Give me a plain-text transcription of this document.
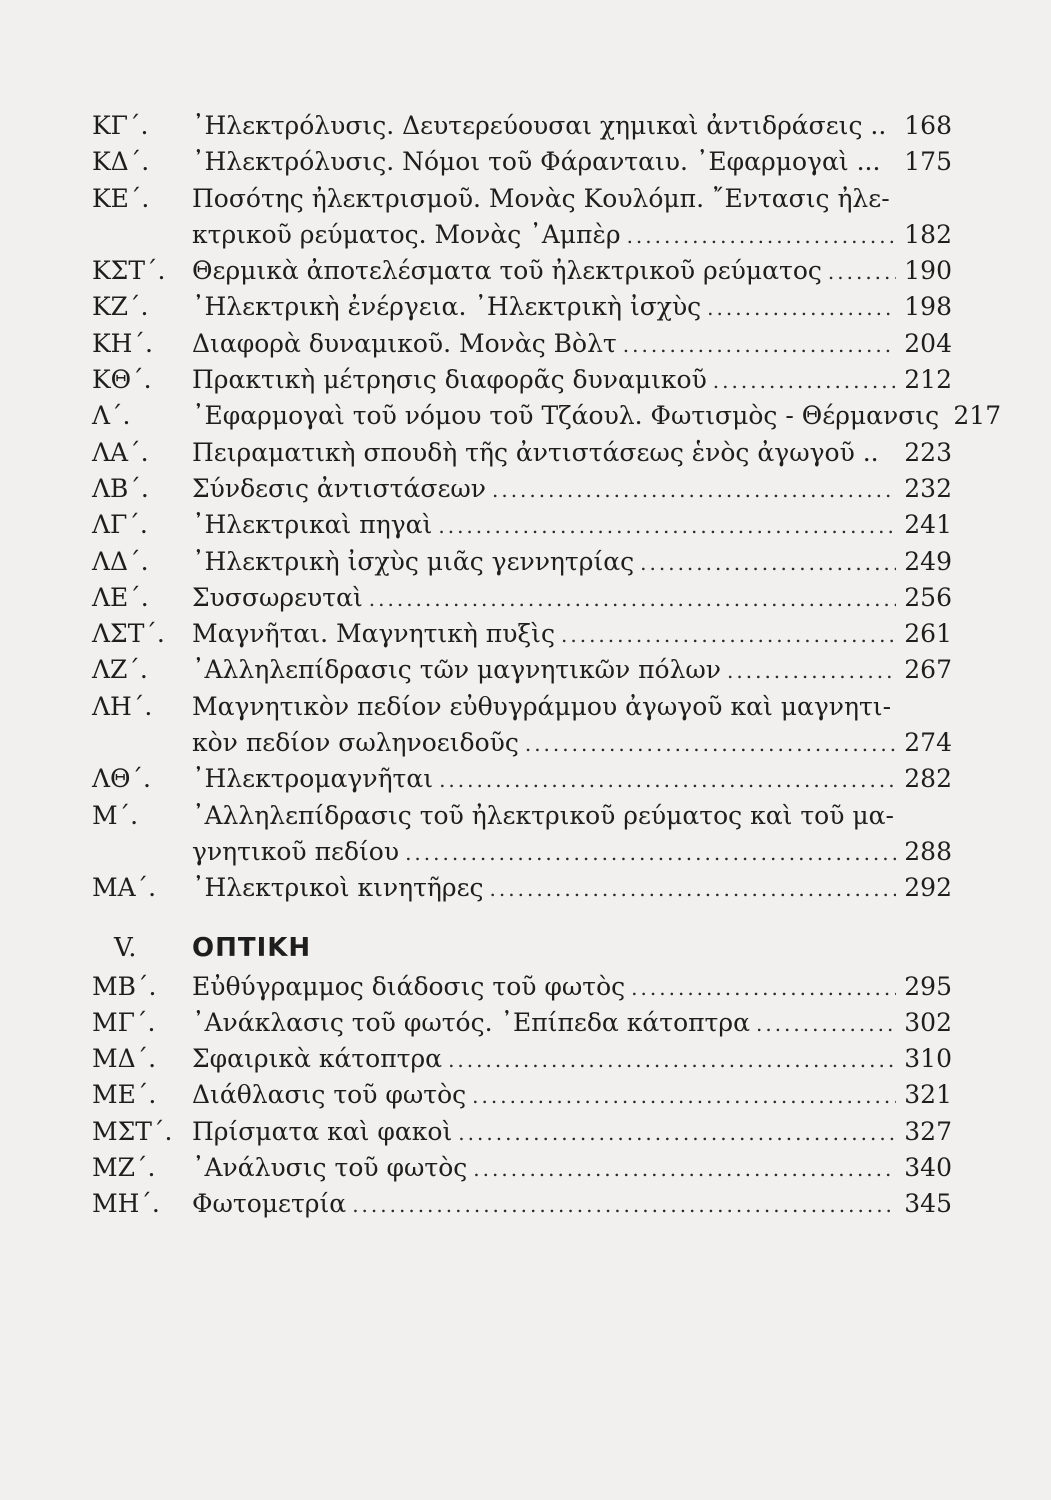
ΚΓ΄.	᾿Ηλεκτρόλυσις. Δευτερεύουσαι χημικαὶ ἀντιδράσεις .. 168
ΚΔ΄.	᾿Ηλεκτρόλυσις. Νόμοι τοῦ Φάρανταιυ. ᾿Εφαρμογαὶ ... 175
ΚΕ΄.	Ποσότης ἠλεκτρισμοῦ. Μονὰς Κουλόμπ. ῎Εντασις ἠλε-
κτρικοῦ ρεύματος. Μονὰς ᾿Αμπὲρ .....	182
ΚΣΤ΄.	Θερμικὰ ἀποτελέσματα τοῦ ἠλεκτρικοῦ ρεύματος .....	190
ΚΖ΄.	᾿Ηλεκτρικὴ ἐνέργεια. ᾿Ηλεκτρικὴ ἰσχὺς .....	198
ΚΗ΄.	Διαφορὰ δυναμικοῦ. Μονὰς Βὸλτ .....	204
ΚΘ΄.	Πρακτικὴ μέτρησις διαφορᾶς δυναμικοῦ .....	212
Λ΄.	᾿Εφαρμογαὶ τοῦ νόμου τοῦ Τζάουλ. Φωτισμὸς - Θέρμανσις 217
ΛΑ΄.	Πειραματικὴ σπουδὴ τῆς ἀντιστάσεως ἑνὸς ἀγωγοῦ ..	223
ΛΒ΄.	Σύνδεσις ἀντιστάσεων .....	232
ΛΓ΄.	᾿Ηλεκτρικαὶ πηγαὶ .....	241
ΛΔ΄.	᾿Ηλεκτρικὴ ἰσχὺς μιᾶς γεννητρίας .....	249
ΛΕ΄.	Συσσωρευταὶ .....	256
ΛΣΤ΄.	Μαγνῆται. Μαγνητικὴ πυξὶς .....	261
ΛΖ΄.	᾿Αλληλεπίδρασις τῶν μαγνητικῶν πόλων .....	267
ΛΗ΄.	Μαγνητικὸν πεδίον εὐθυγράμμου ἀγωγοῦ καὶ μαγνητι-
κὸν πεδίον σωληνοειδοῦς .....	274
ΛΘ΄.	᾿Ηλεκτρομαγνῆται .....	282
Μ΄.	᾿Αλληλεπίδρασις τοῦ ἠλεκτρικοῦ ρεύματος καὶ τοῦ μα-
γνητικοῦ πεδίου .....	288
ΜΑ΄.	᾿Ηλεκτρικοὶ κινητῆρες .....	292
V.	ΟΠΤΙΚΗ
ΜΒ΄.	Εὐθύγραμμος διάδοσις τοῦ φωτὸς .....	295
ΜΓ΄.	᾿Ανάκλασις τοῦ φωτός. ᾿Επίπεδα κάτοπτρα .....	302
ΜΔ΄.	Σφαιρικὰ κάτοπτρα .....	310
ΜΕ΄.	Διάθλασις τοῦ φωτὸς .....	321
ΜΣΤ΄. Πρίσματα καὶ φακοὶ .....	327
ΜΖ΄.	᾿Ανάλυσις τοῦ φωτὸς .....	340
ΜΗ΄.	Φωτομετρία .....	345
